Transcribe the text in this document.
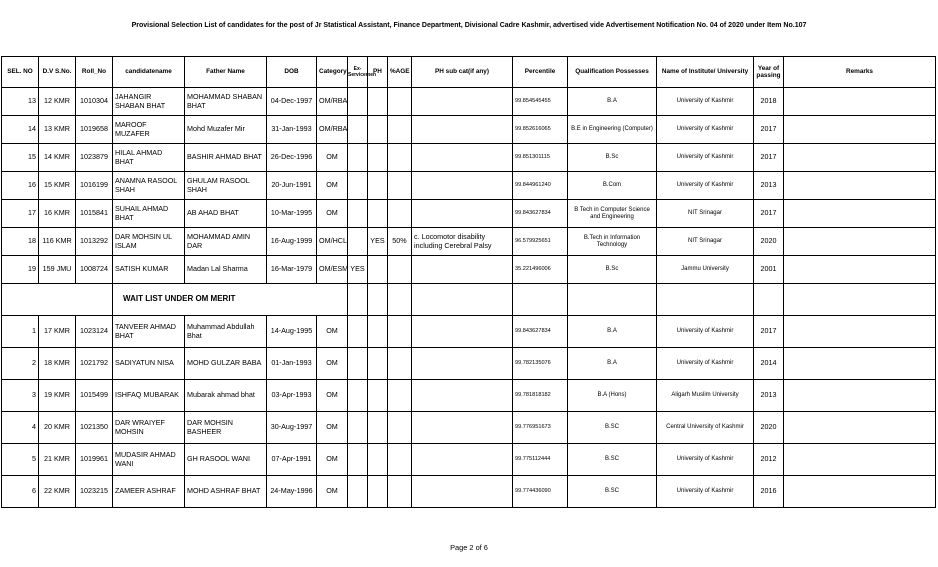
Provisional Selection List of candidates for the post of Jr Statistical Assistant, Finance Department, Divisional Cadre Kashmir, advertised vide Advertisement Notification No. 04 of 2020 under Item No.107
SEL. NO	D.V S.No.	Roll_No	candidatename	Father Name	DOB	Category	Ex-Servicemen	PH	%AGE	PH sub cat(if any)	Percentile	Qualification Possesses	Name of Institute/ University	Year of passing	Remarks
13	12 KMR	1010304	JAHANGIR SHABAN BHAT	MOHAMMAD SHABAN BHAT	04-Dec-1997	OM/RBA					99.854545455	B.A	University of Kashmir	2018	
14	13 KMR	1019658	MAROOF MUZAFER	Mohd Muzafer Mir	31-Jan-1993	OM/RBA					99.852616065	B.E in Engineering (Computer)	University of Kashmir	2017	
15	14 KMR	1023879	HILAL AHMAD BHAT	BASHIR AHMAD BHAT	26-Dec-1996	OM					99.851301115	B.Sc	University of Kashmir	2017	
16	15 KMR	1016199	ANAMNA RASOOL SHAH	GHULAM RASOOL SHAH	20-Jun-1991	OM					99.844961240	B.Com	University of Kashmir	2013	
17	16 KMR	1015841	SUHAIL AHMAD BHAT	AB AHAD BHAT	10-Mar-1995	OM					99.843627834	B Tech in Computer Science and Engineering	NIT Srinagar	2017	
18	116 KMR	1013292	DAR MOHSIN UL ISLAM	MOHAMMAD AMIN DAR	16-Aug-1999	OM/HCL		YES	50%	c. Locomotor disability including Cerebral Palsy	96.579925651	B.Tech in Information Technology	NIT Srinagar	2020	
19	159 JMU	1008724	SATISH KUMAR	Madan Lal Sharma	16-Mar-1979	OM/ESM	YES				35.221496006	B.Sc	Jammu University	2001	
			WAIT LIST UNDER OM MERIT												
1	17 KMR	1023124	TANVEER AHMAD BHAT	Muhammad Abdullah Bhat	14-Aug-1995	OM					99.843627834	B.A	University of Kashmir	2017	
2	18 KMR	1021792	SADIYATUN NISA	MOHD GULZAR BABA	01-Jan-1993	OM					99.782135076	B.A	University of Kashmir	2014	
3	19 KMR	1015499	ISHFAQ MUBARAK	Mubarak ahmad bhat	03-Apr-1993	OM					99.781818182	B.A (Hons)	Aligarh Muslim University	2013	
4	20 KMR	1021350	DAR WRAIYEF MOHSIN	DAR MOHSIN BASHEER	30-Aug-1997	OM					99.776951673	B.SC	Central University of Kashmir	2020	
5	21 KMR	1019961	MUDASIR AHMAD WANI	GH RASOOL WANI	07-Apr-1991	OM					99.775112444	B.SC	University of Kashmir	2012	
6	22 KMR	1023215	ZAMEER ASHRAF	MOHD ASHRAF BHAT	24-May-1996	OM					99.774436090	B.SC	University of Kashmir	2016	
Page 2 of 6
